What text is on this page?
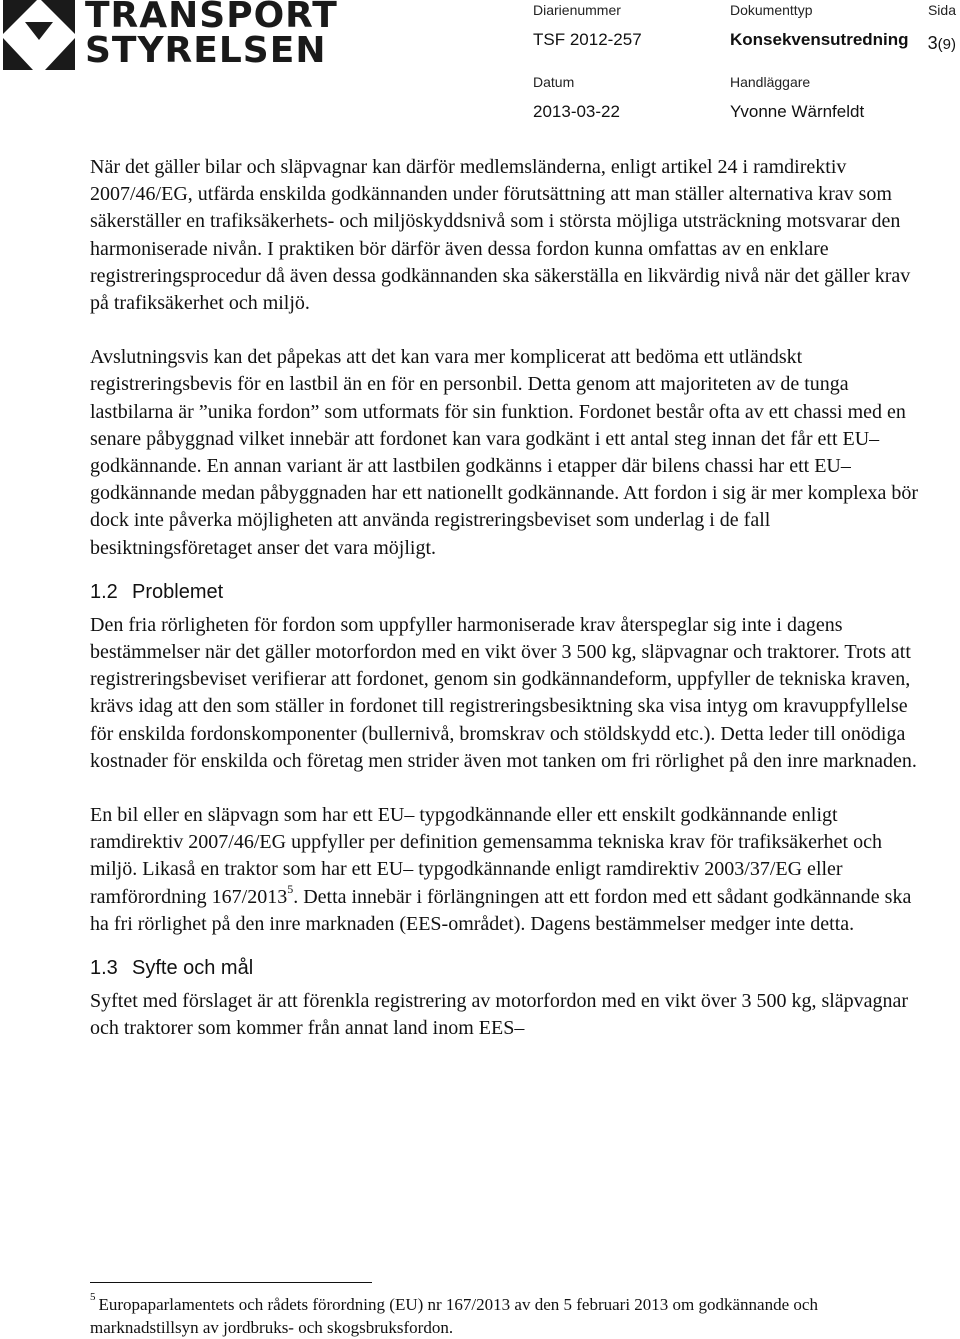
TRANSPORT
STYRELSEN
Diarienummer
TSF 2012-257
Dokumenttyp
Konsekvensutredning
Sida
3(9)
Datum
2013-03-22
Handläggare
Yvonne Wärnfeldt

När det gäller bilar och släpvagnar kan därför medlemsländerna, enligt artikel 24 i ramdirektiv 2007/46/EG, utfärda enskilda godkännanden under förutsättning att man ställer alternativa krav som säkerställer en trafiksäkerhets- och miljöskyddsnivå som i största möjliga utsträckning motsvarar den harmoniserade nivån. I praktiken bör därför även dessa fordon kunna omfattas av en enklare registreringsprocedur då även dessa godkännanden ska säkerställa en likvärdig nivå när det gäller krav på trafiksäkerhet och miljö.

Avslutningsvis kan det påpekas att det kan vara mer komplicerat att bedöma ett utländskt registreringsbevis för en lastbil än en för en personbil. Detta genom att majoriteten av de tunga lastbilarna är ”unika fordon” som utformats för sin funktion. Fordonet består ofta av ett chassi med en senare påbyggnad vilket innebär att fordonet kan vara godkänt i ett antal steg innan det får ett EU– godkännande. En annan variant är att lastbilen godkänns i etapper där bilens chassi har ett EU– godkännande medan påbyggnaden har ett nationellt godkännande. Att fordon i sig är mer komplexa bör dock inte påverka möjligheten att använda registreringsbeviset som underlag i de fall besiktningsföretaget anser det vara möjligt.

1.2 Problemet

Den fria rörligheten för fordon som uppfyller harmoniserade krav återspeglar sig inte i dagens bestämmelser när det gäller motorfordon med en vikt över 3 500 kg, släpvagnar och traktorer. Trots att registreringsbeviset verifierar att fordonet, genom sin godkännandeform, uppfyller de tekniska kraven, krävs idag att den som ställer in fordonet till registreringsbesiktning ska visa intyg om kravuppfyllelse för enskilda fordonskomponenter (bullernivå, bromskrav och stöldskydd etc.). Detta leder till onödiga kostnader för enskilda och företag men strider även mot tanken om fri rörlighet på den inre marknaden.

En bil eller en släpvagn som har ett EU– typgodkännande eller ett enskilt godkännande enligt ramdirektiv 2007/46/EG uppfyller per definition gemensamma tekniska krav för trafiksäkerhet och miljö. Likaså en traktor som har ett EU– typgodkännande enligt ramdirektiv 2003/37/EG eller ramförordning 167/2013$^5$. Detta innebär i förlängningen att ett fordon med ett sådant godkännande ska ha fri rörlighet på den inre marknaden (EES-området). Dagens bestämmelser medger inte detta.

1.3 Syfte och mål

Syftet med förslaget är att förenkla registrering av motorfordon med en vikt över 3 500 kg, släpvagnar och traktorer som kommer från annat land inom EES–

$^5$ Europaparlamentets och rådets förordning (EU) nr 167/2013 av den 5 februari 2013 om godkännande och marknadstillsyn av jordbruks- och skogsbruksfordon.
